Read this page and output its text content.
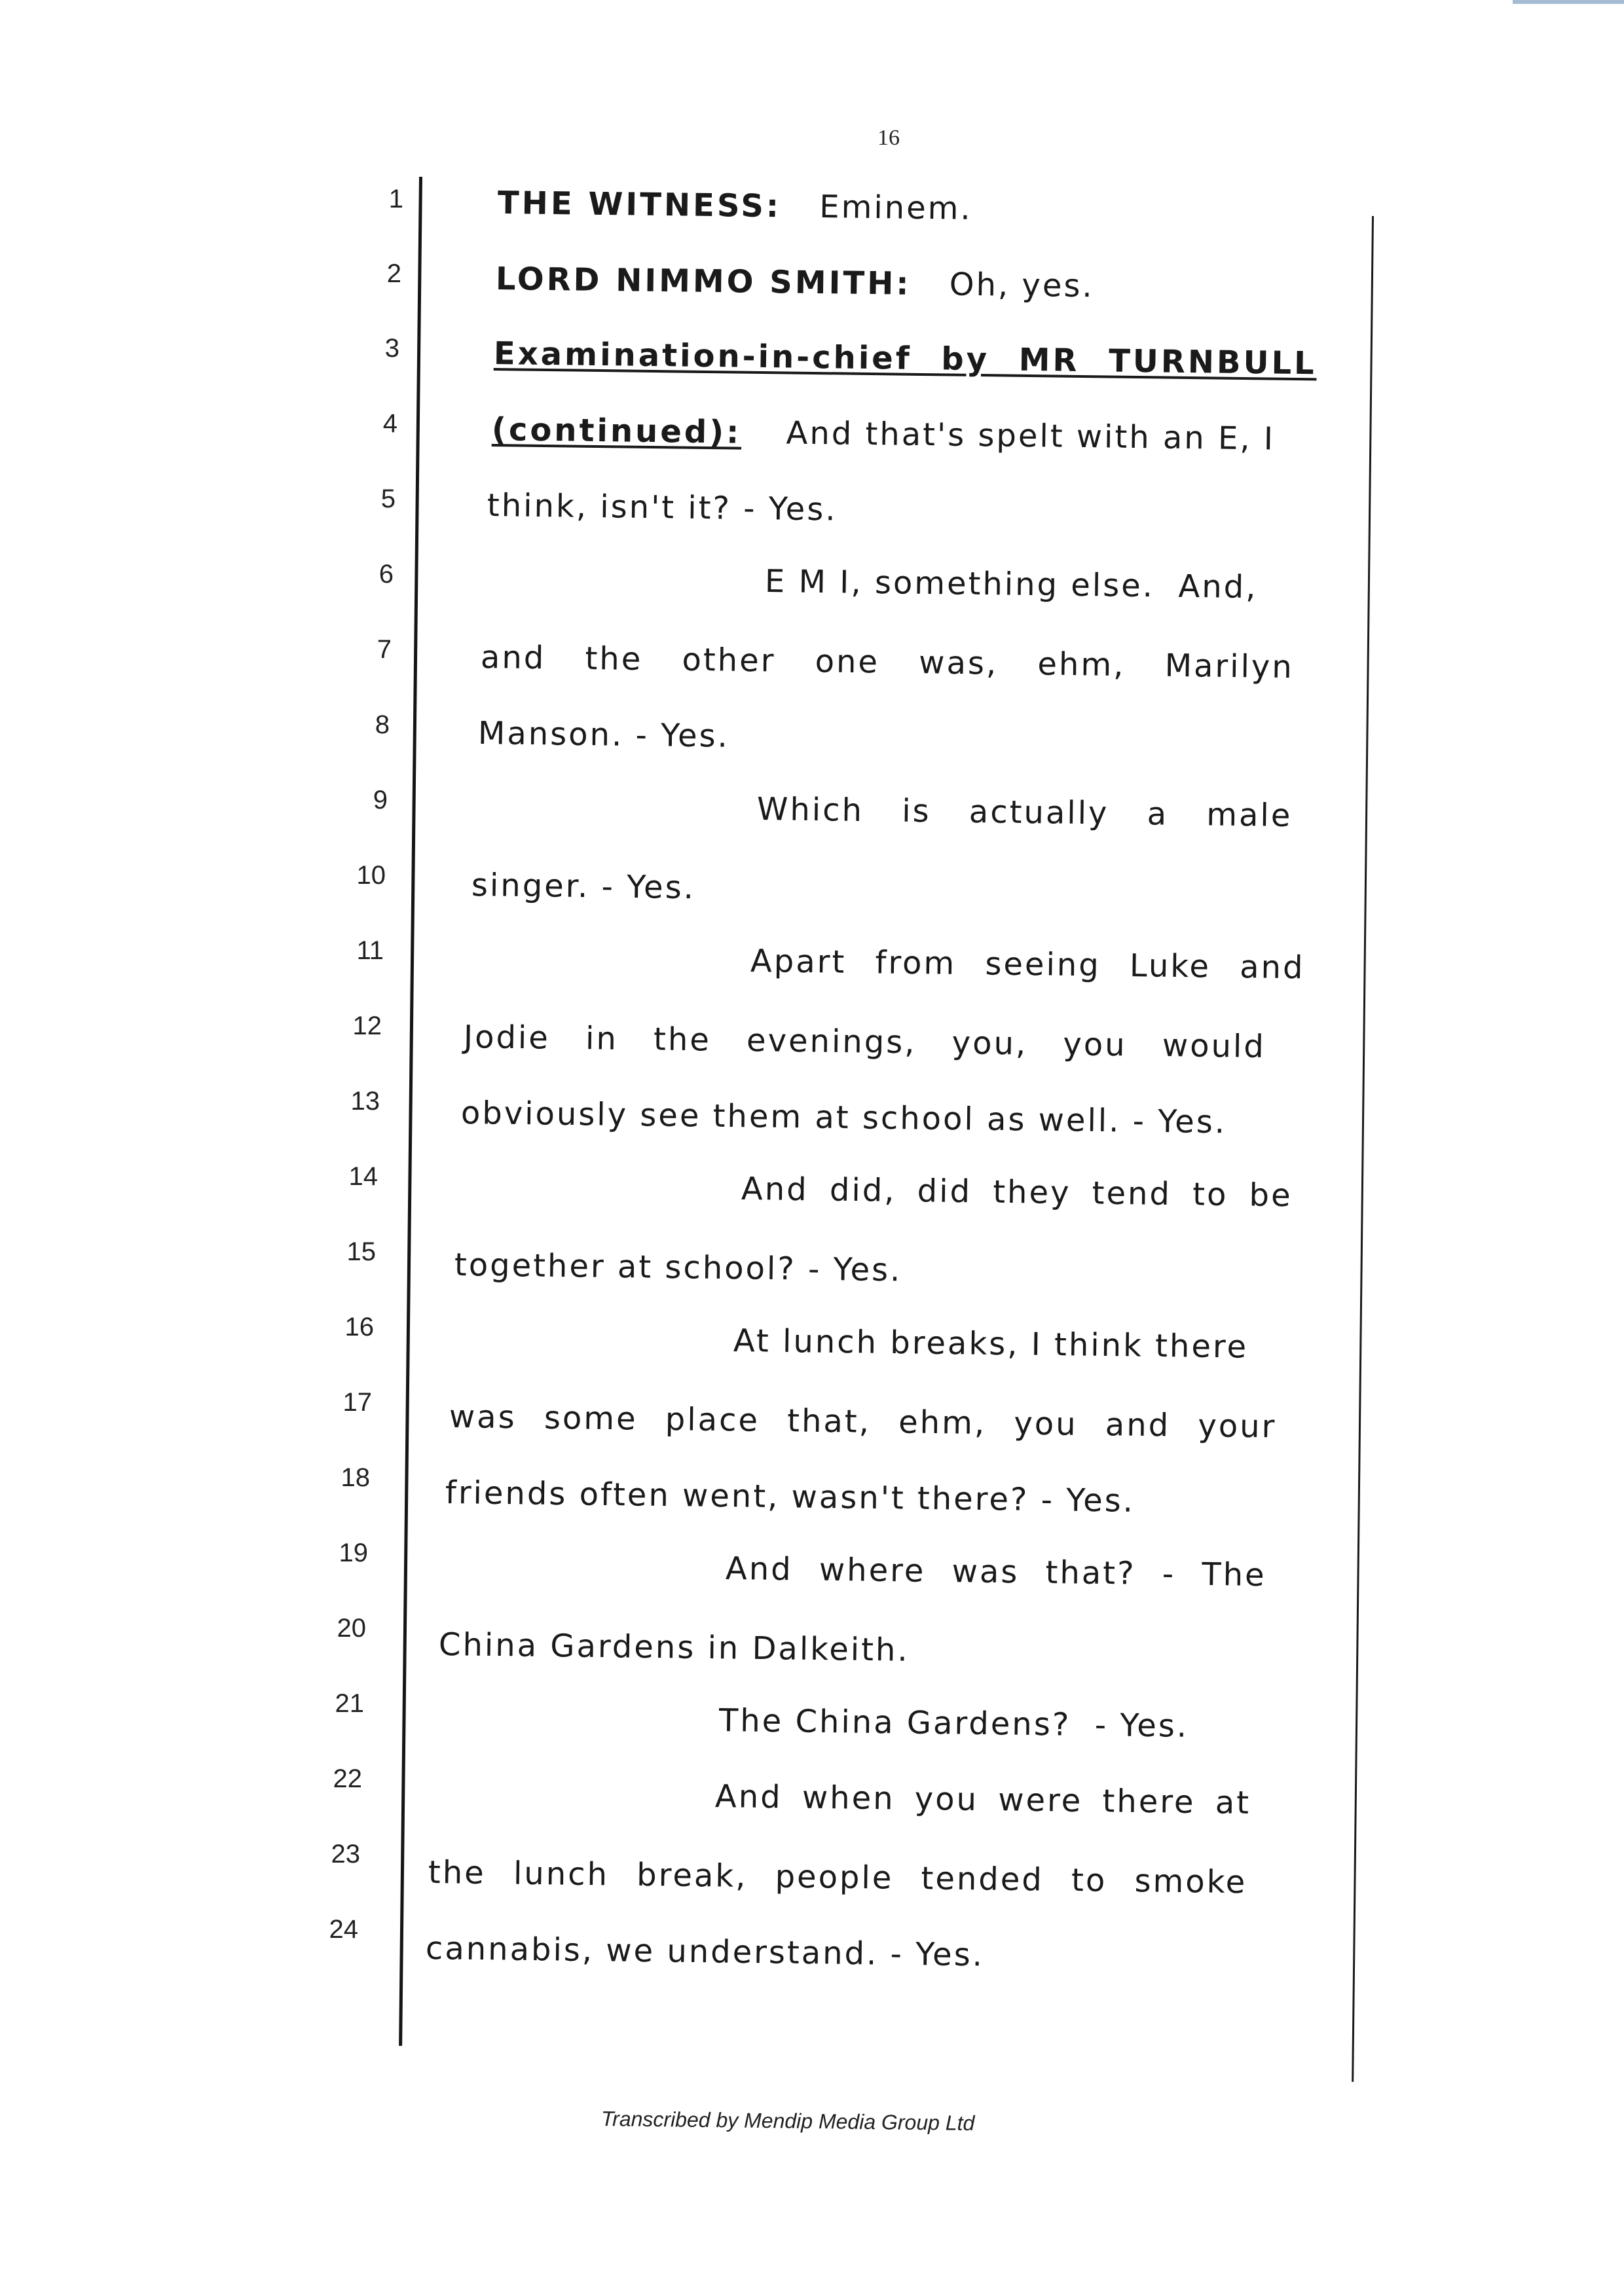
16
1
2
3
4
5
6
7
8
9
10
11
12
13
14
15
16
17
18
19
20
21
22
23
24
THE WITNESS: Eminem.
LORD NIMMO SMITH: Oh, yes.
Examination-in-chief by MR TURNBULL
(continued): And that's spelt with an E, I
think, isn't it? - Yes.
E M I, something else.  And,
and the other one was, ehm, Marilyn
Manson. - Yes.
Which is actually a male
singer. - Yes.
Apart from seeing Luke and
Jodie in the evenings, you, you would
obviously see them at school as well. - Yes.
And did, did they tend to be
together at school? - Yes.
At lunch breaks, I think there
was some place that, ehm, you and your
friends often went, wasn't there? - Yes.
And where was that? - The
China Gardens in Dalkeith.
The China Gardens?  - Yes.
And when you were there at
the lunch break, people tended to smoke
cannabis, we understand. - Yes.
Transcribed by Mendip Media Group Ltd
